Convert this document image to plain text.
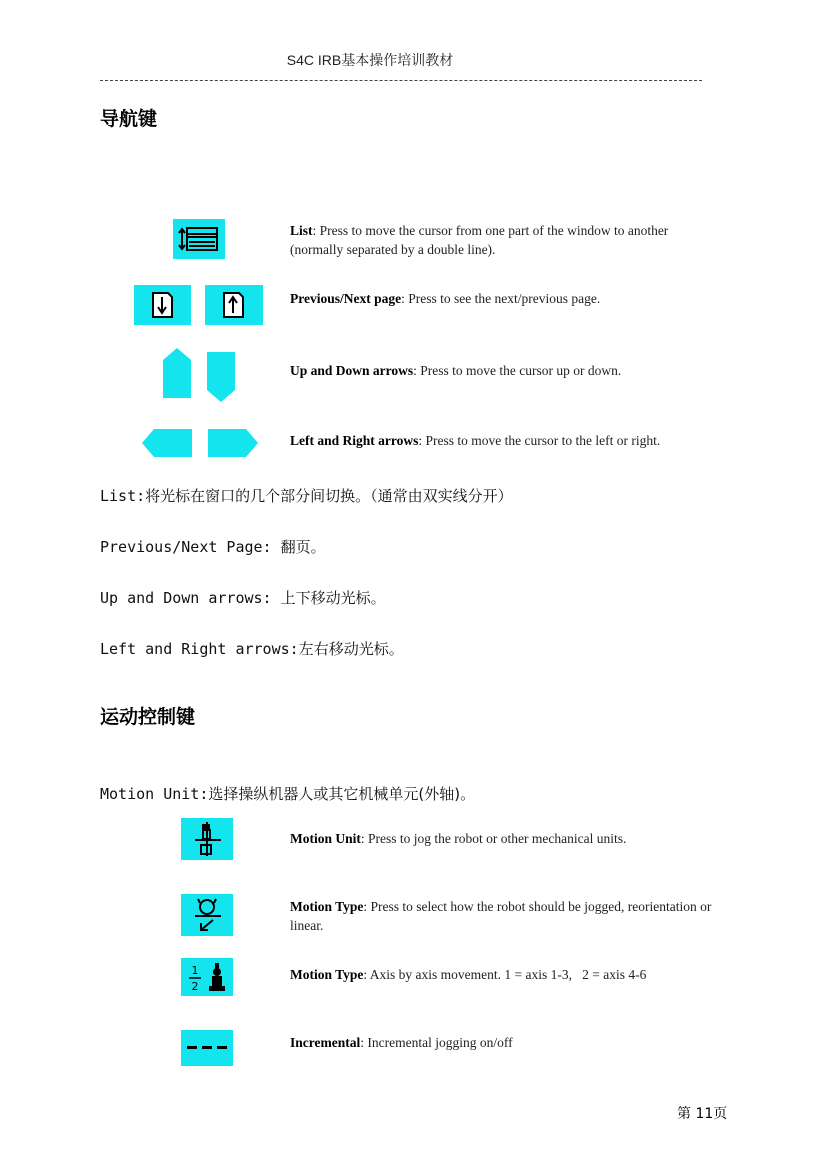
S4C IRB基本操作培训教材
导航键
List: Press to move the cursor from one part of the window to another (normally separated by a double line).
Previous/Next page: Press to see the next/previous page.
Up and Down arrows: Press to move the cursor up or down.
Left and Right arrows: Press to move the cursor to the left or right.
List:将光标在窗口的几个部分间切换。（通常由双实线分开）
Previous/Next Page: 翻页。
Up and Down arrows: 上下移动光标。
Left and Right arrows:左右移动光标。
运动控制键
Motion Unit:选择操纵机器人或其它机械单元(外轴)。
Motion Unit: Press to jog the robot or other mechanical units.
Motion Type: Press to select how the robot should be jogged, reorientation or linear.
1
2
Motion Type: Axis by axis movement. 1 = axis 1-3,   2 = axis 4-6
Incremental: Incremental jogging on/off
第 11页
